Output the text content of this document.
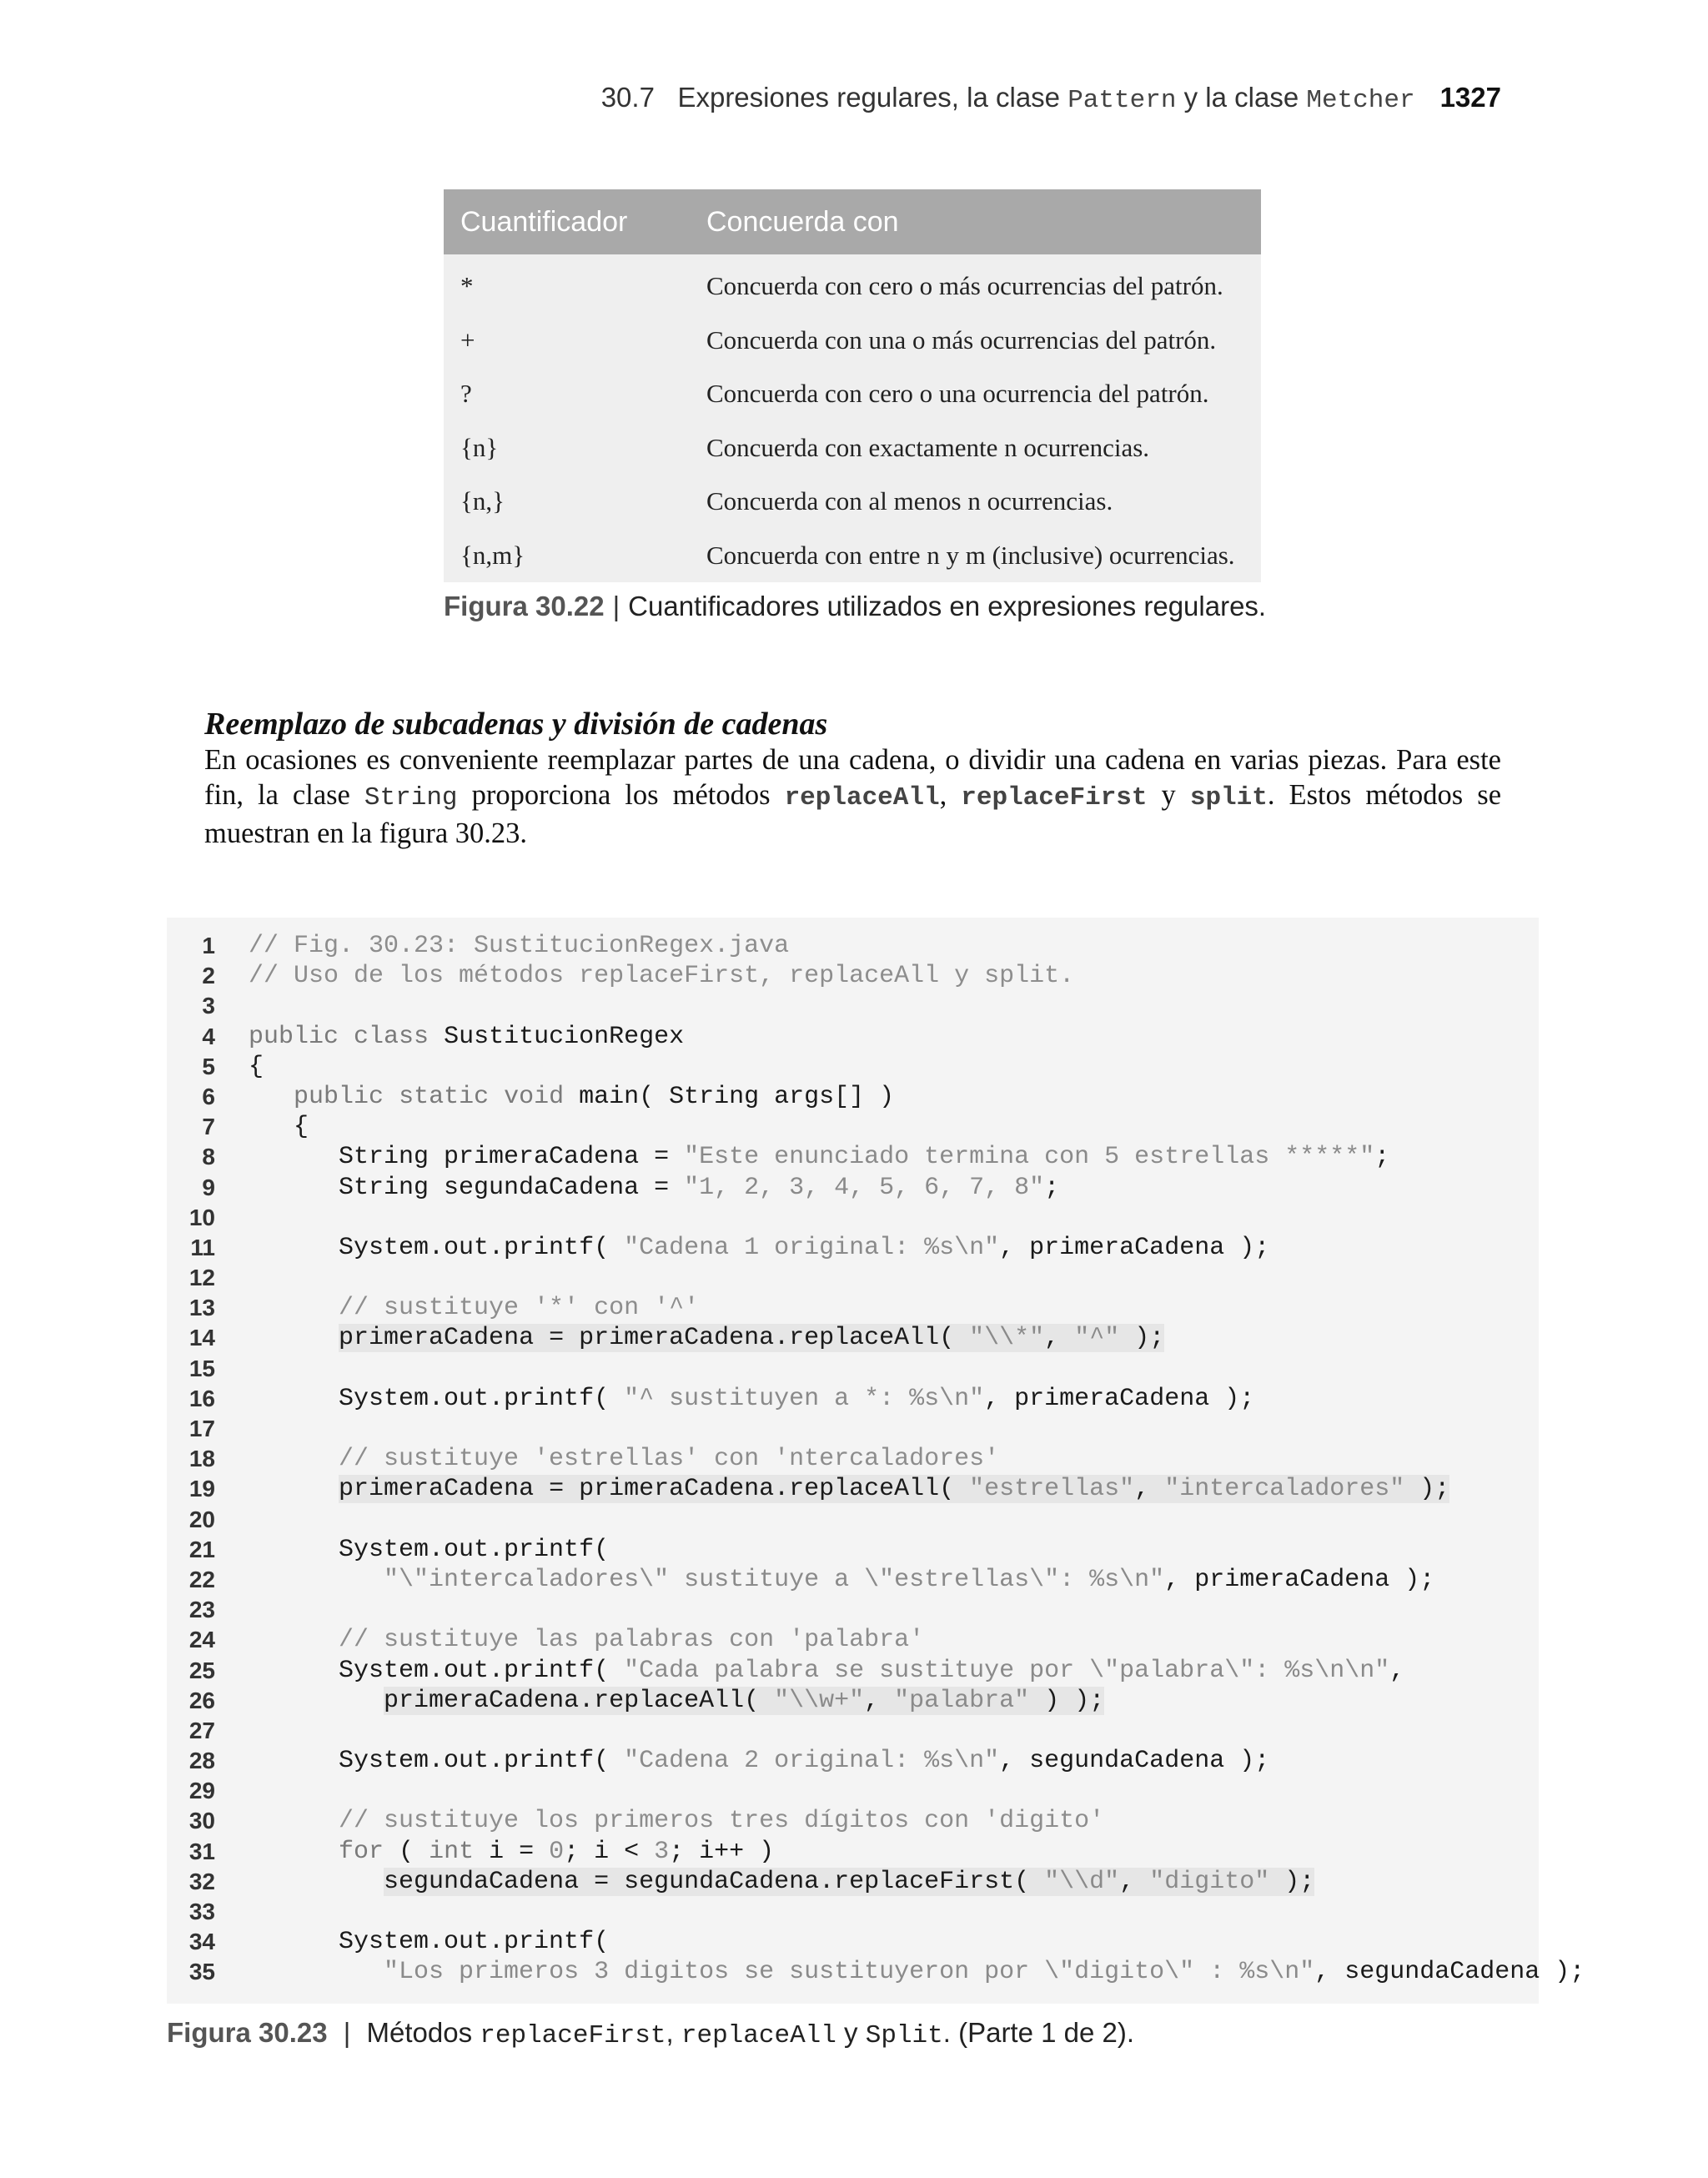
30.7 Expresiones regulares, la clase Pattern y la clase Metcher 1327
Cuantificador	Concuerda con
*	Concuerda con cero o más ocurrencias del patrón.
+	Concuerda con una o más ocurrencias del patrón.
?	Concuerda con cero o una ocurrencia del patrón.
{n}	Concuerda con exactamente n ocurrencias.
{n,}	Concuerda con al menos n ocurrencias.
{n,m}	Concuerda con entre n y m (inclusive) ocurrencias.
Figura 30.22 | Cuantificadores utilizados en expresiones regulares.
Reemplazo de subcadenas y división de cadenas
En ocasiones es conveniente reemplazar partes de una cadena, o dividir una cadena en varias piezas. Para este fin, la clase String proporciona los métodos replaceAll, replaceFirst y split. Estos métodos se muestran en la figura 30.23.
1 // Fig. 30.23: SustitucionRegex.java
2 // Uso de los métodos replaceFirst, replaceAll y split.
3
4 public class SustitucionRegex
5 {
6	public static void main( String args[] )
7 {
8 String primeraCadena = "Este enunciado termina con 5 estrellas *****";
9 String segundaCadena = "1, 2, 3, 4, 5, 6, 7, 8";
10
11 System.out.printf( "Cadena 1 original: %s\n", primeraCadena );
12
13 // sustituye '*' con '^'
14	primeraCadena = primeraCadena.replaceAll( "\\*", "^" );
15
16 System.out.printf( "^ sustituyen a *: %s\n", primeraCadena );
17
18 // sustituye 'estrellas' con 'ntercaladores'
19	primeraCadena = primeraCadena.replaceAll( "estrellas", "intercaladores" );
20
21 System.out.printf(
22	"\"intercaladores\" sustituye a \"estrellas\": %s\n", primeraCadena );
23
24 // sustituye las palabras con 'palabra'
25 System.out.printf( "Cada palabra se sustituye por \"palabra\": %s\n\n",
26	primeraCadena.replaceAll( "\\w+", "palabra" ) );
27
28 System.out.printf( "Cadena 2 original: %s\n", segundaCadena );
29
30 // sustituye los primeros tres dígitos con 'digito'
31	for ( int i = 0; i < 3; i++ )
32	segundaCadena = segundaCadena.replaceFirst( "\\d", "digito" );
33
34 System.out.printf(
35	"Los primeros 3 digitos se sustituyeron por \"digito\" : %s\n", segundaCadena );
Figura 30.23 | Métodos replaceFirst, replaceAll y Split. (Parte 1 de 2).
